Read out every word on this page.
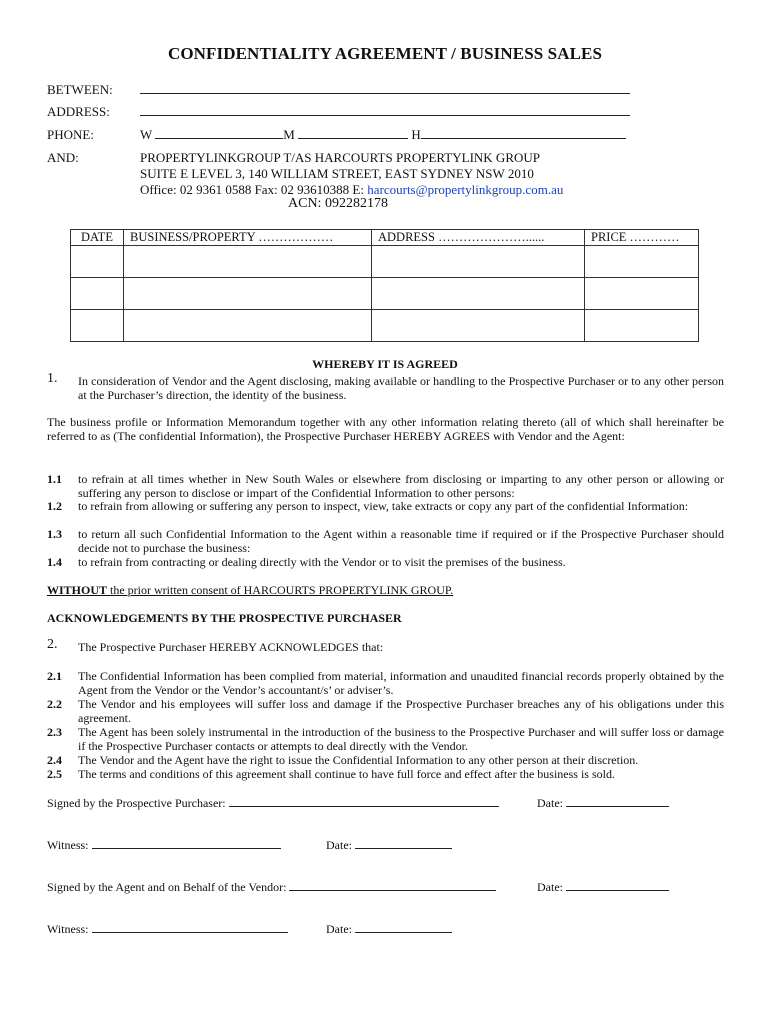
CONFIDENTIALITY AGREEMENT / BUSINESS SALES
BETWEEN:
ADDRESS:
PHONE:	W	M	H
AND:	PROPERTYLINKGROUP T/AS HARCOURTS PROPERTYLINK GROUP
SUITE E LEVEL 3, 140 WILLIAM STREET, EAST SYDNEY NSW 2010
Office: 02 9361 0588 Fax: 02 93610388 E: harcourts@propertylinkgroup.com.au
ACN: 092282178
DATE	BUSINESS/PROPERTY ………………	ADDRESS …………………......	PRICE …………

WHEREBY IT IS AGREED
1. In consideration of Vendor and the Agent disclosing, making available or handling to the Prospective Purchaser or to any other person at the Purchaser’s direction, the identity of the business.
The business profile or Information Memorandum together with any other information relating thereto (all of which shall hereinafter be referred to as (The confidential Information), the Prospective Purchaser HEREBY AGREES with Vendor and the Agent:
1.1 to refrain at all times whether in New South Wales or elsewhere from disclosing or imparting to any other person or allowing or suffering any person to disclose or impart of the Confidential Information to other persons:
1.2 to refrain from allowing or suffering any person to inspect, view, take extracts or copy any part of the confidential Information:
1.3 to return all such Confidential Information to the Agent within a reasonable time if required or if the Prospective Purchaser should decide not to purchase the business:
1.4 to refrain from contracting or dealing directly with the Vendor or to visit the premises of the business.
WITHOUT the prior written consent of HARCOURTS PROPERTYLINK GROUP.
ACKNOWLEDGEMENTS BY THE PROSPECTIVE PURCHASER
2. The Prospective Purchaser HEREBY ACKNOWLEDGES that:
2.1 The Confidential Information has been complied from material, information and unaudited financial records properly obtained by the Agent from the Vendor or the Vendor’s accountant/s’ or adviser’s.
2.2 The Vendor and his employees will suffer loss and damage if the Prospective Purchaser breaches any of his obligations under this agreement.
2.3 The Agent has been solely instrumental in the introduction of the business to the Prospective Purchaser and will suffer loss or damage if the Prospective Purchaser contacts or attempts to deal directly with the Vendor.
2.4 The Vendor and the Agent have the right to issue the Confidential Information to any other person at their discretion.
2.5 The terms and conditions of this agreement shall continue to have full force and effect after the business is sold.
Signed by the Prospective Purchaser:	Date:
Witness:	Date:
Signed by the Agent and on Behalf of the Vendor:	Date:
Witness:	Date:
